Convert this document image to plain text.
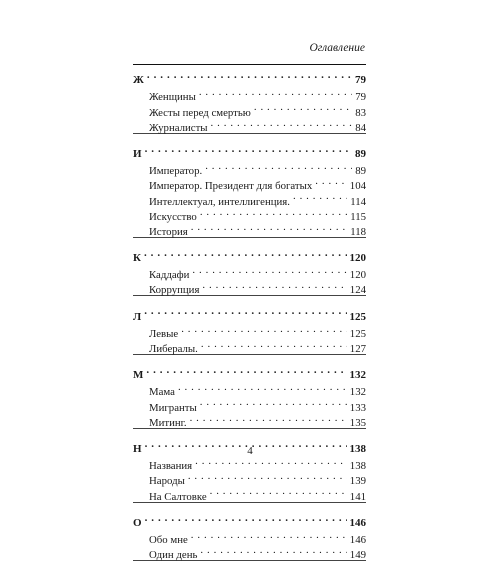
Оглавление
Ж . . .	79
Женщины . . .	79
Жесты перед смертью . . .	83
Журналисты . . .	84
И . . .	89
Император. . . .	89
Император. Президент для богатых . . .	104
Интеллектуал, интеллигенция. . . .	114
Искусство . . .	115
История . . .	118
К . . .	120
Каддафи . . .	120
Коррупция . . .	124
Л . . .	125
Левые . . .	125
Либералы. . . .	127
М . . .	132
Мама . . .	132
Мигранты . . .	133
Митинг. . . .	135
Н . . .	138
Названия . . .	138
Народы . . .	139
На Салтовке . . .	141
О . . .	146
Обо мне . . .	146
Один день . . .	149
4
